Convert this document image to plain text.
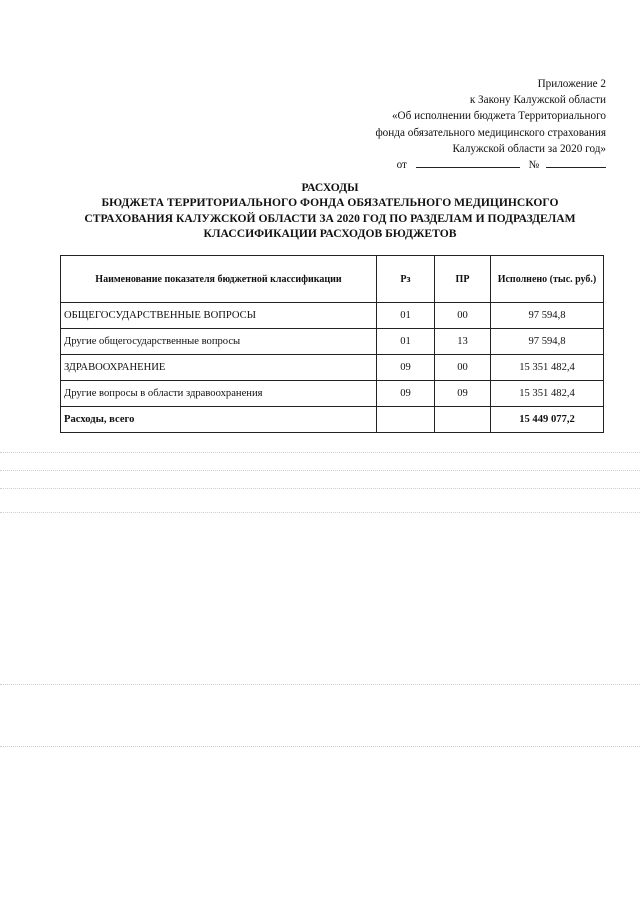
Приложение 2
к Закону Калужской области
«Об исполнении бюджета Территориального
фонда обязательного медицинского страхования
Калужской области за 2020 год»
от	№
РАСХОДЫ
БЮДЖЕТА ТЕРРИТОРИАЛЬНОГО ФОНДА ОБЯЗАТЕЛЬНОГО МЕДИЦИНСКОГО
СТРАХОВАНИЯ КАЛУЖСКОЙ ОБЛАСТИ ЗА 2020 ГОД ПО РАЗДЕЛАМ И ПОДРАЗДЕЛАМ
КЛАССИФИКАЦИИ РАСХОДОВ БЮДЖЕТОВ
Наименование показателя бюджетной классификации	Рз	ПР	Исполнено (тыс. руб.)
ОБЩЕГОСУДАРСТВЕННЫЕ ВОПРОСЫ	01	00	97 594,8
Другие общегосударственные вопросы	01	13	97 594,8
ЗДРАВООХРАНЕНИЕ	09	00	15 351 482,4
Другие вопросы в области здравоохранения	09	09	15 351 482,4
Расходы, всего			15 449 077,2
